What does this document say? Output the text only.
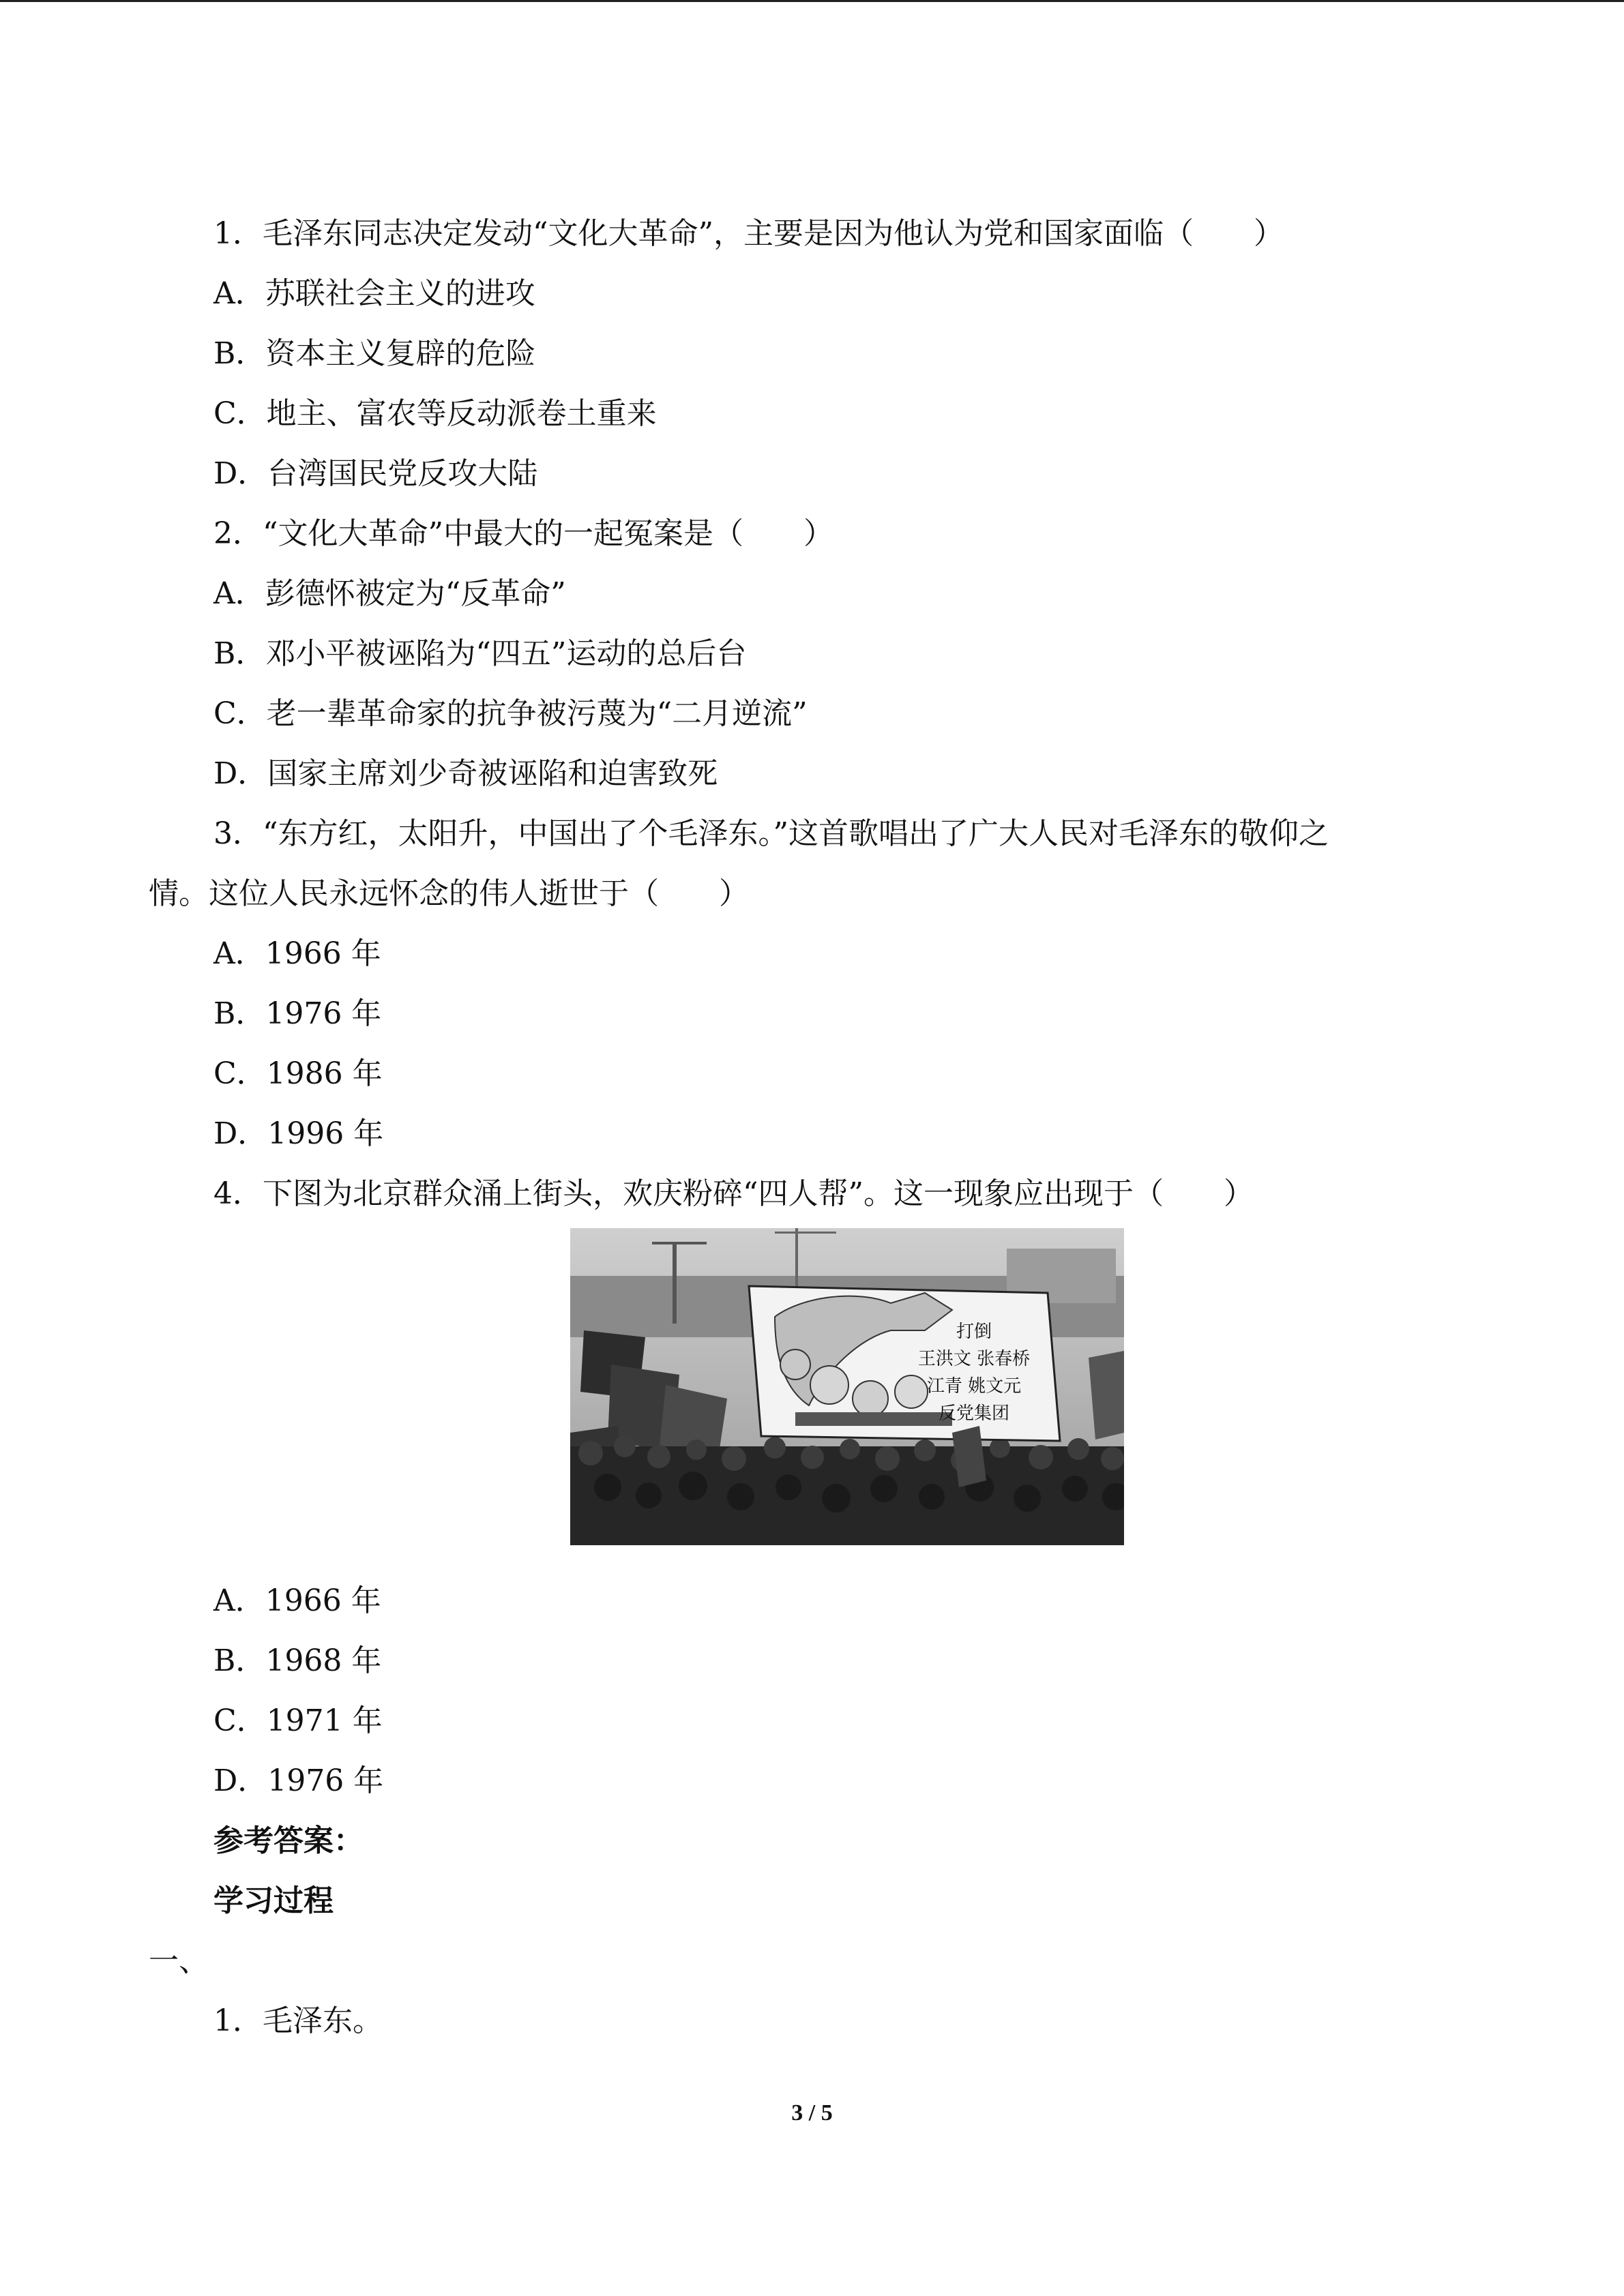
1．毛泽东同志决定发动“文化大革命”，主要是因为他认为党和国家面临（　　）
A．苏联社会主义的进攻
B．资本主义复辟的危险
C．地主、富农等反动派卷土重来
D．台湾国民党反攻大陆
2．“文化大革命”中最大的一起冤案是（　　）
A．彭德怀被定为“反革命”
B．邓小平被诬陷为“四五”运动的总后台
C．老一辈革命家的抗争被污蔑为“二月逆流”
D．国家主席刘少奇被诬陷和迫害致死
3．“东方红，太阳升，中国出了个毛泽东。”这首歌唱出了广大人民对毛泽东的敬仰之
情。这位人民永远怀念的伟人逝世于（　　）
A．1966 年
B．1976 年
C．1986 年
D．1996 年
4．下图为北京群众涌上街头，欢庆粉碎“四人帮”。这一现象应出现于（　　）
打倒
王洪文 张春桥
江青 姚文元
反党集团
A．1966 年
B．1968 年
C．1971 年
D．1976 年
参考答案：
学习过程
一、
1．毛泽东。
3 / 5
